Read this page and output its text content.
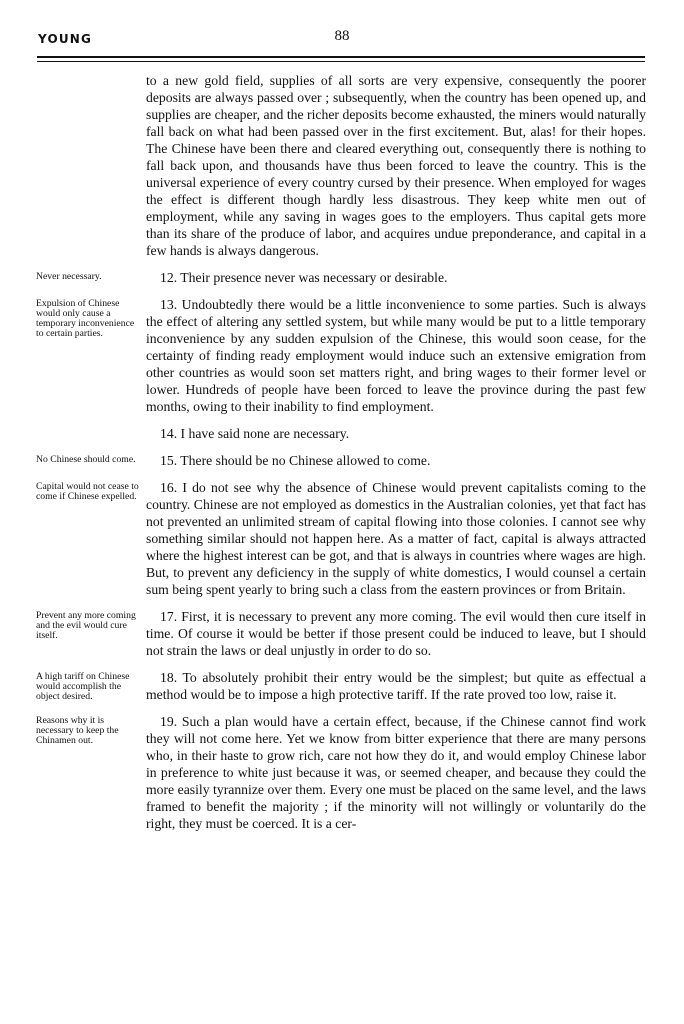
YOUNG	88
to a new gold field, supplies of all sorts are very expensive, consequently the poorer deposits are always passed over ; subsequently, when the country has been opened up, and supplies are cheaper, and the richer deposits become exhausted, the miners would naturally fall back on what had been passed over in the first excitement. But, alas! for their hopes. The Chinese have been there and cleared everything out, consequently there is nothing to fall back upon, and thousands have thus been forced to leave the country. This is the universal experience of every country cursed by their presence. When employed for wages the effect is different though hardly less disastrous. They keep white men out of employment, while any saving in wages goes to the employers. Thus capital gets more than its share of the produce of labor, and acquires undue preponderance, and capital in a few hands is always dangerous.
Never necessary.	12. Their presence never was necessary or desirable.
Expulsion of Chinese would only cause a temporary inconvenience to certain parties.
13. Undoubtedly there would be a little inconvenience to some parties. Such is always the effect of altering any settled system, but while many would be put to a little temporary inconvenience by any sudden expulsion of the Chinese, this would soon cease, for the certainty of finding ready employment would induce such an extensive emigration from other countries as would soon set matters right, and bring wages to their former level or lower. Hundreds of people have been forced to leave the province during the past few months, owing to their inability to find employment.
14. I have said none are necessary.
No Chinese should come.	15. There should be no Chinese allowed to come.
Capital would not cease to come if Chinese expelled.
16. I do not see why the absence of Chinese would prevent capitalists coming to the country. Chinese are not employed as domestics in the Australian colonies, yet that fact has not prevented an unlimited stream of capital flowing into those colonies. I cannot see why something similar should not happen here. As a matter of fact, capital is always attracted where the highest interest can be got, and that is always in countries where wages are high. But, to prevent any deficiency in the supply of white domestics, I would counsel a certain sum being spent yearly to bring such a class from the eastern provinces or from Britain.
Prevent any more coming and the evil would cure itself.
17. First, it is necessary to prevent any more coming. The evil would then cure itself in time. Of course it would be better if those present could be induced to leave, but I should not strain the laws or deal unjustly in order to do so.
A high tariff on Chinese would accomplish the object desired.
18. To absolutely prohibit their entry would be the simplest; but quite as effectual a method would be to impose a high protective tariff. If the rate proved too low, raise it.
Reasons why it is necessary to keep the Chinamen out.
19. Such a plan would have a certain effect, because, if the Chinese cannot find work they will not come here. Yet we know from bitter experience that there are many persons who, in their haste to grow rich, care not how they do it, and would employ Chinese labor in preference to white just because it was, or seemed cheaper, and because they could the more easily tyrannize over them. Every one must be placed on the same level, and the laws framed to benefit the majority ; if the minority will not willingly or voluntarily do the right, they must be coerced. It is a cer-
